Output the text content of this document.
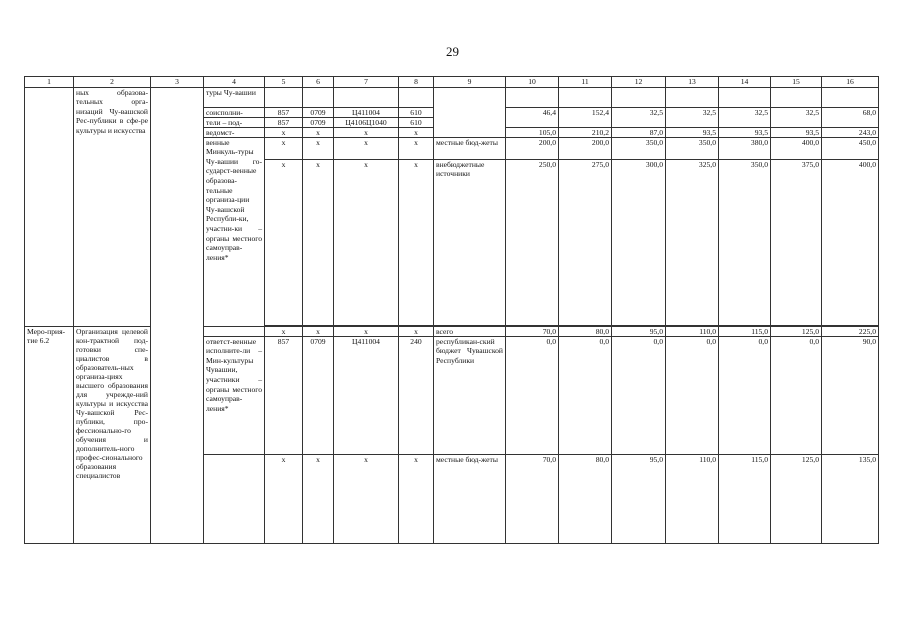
29
1	2	3	4	5	6	7	8	9	10	11	12	13	14	15	16
	ных образова-тельных орга-низаций Чу-вашской Рес-публики в сфе-ре культуры и искусства		туры Чу-вашии												
			соисполни-	857	0709	Ц411004	610		46,4	152,4	32,5	32,5	32,5	32,5	68,0
			тели – под-	857	0709	Ц4106Ц1040	610								
			ведомст-	х	х	х	х		105,0	210,2	87,0	93,5	93,5	93,5	243,0
			венные Минкуль-туры Чу-вашии го-сударст-венные образова-тельные организа-ции Чу-вашской Республи-ки, участни-ки – органы местного самоуправ-ления*	х	х	х	х	местные бюд-жеты	200,0	200,0	350,0	350,0	380,0	400,0	450,0
				х	х	х	х	внебюджетные источники	250,0	275,0	300,0	325,0	350,0	375,0	400,0

Меро-прия-тие 6.2	Организация целевой кон-трактной под-готовки спе-циалистов в образователь-ных организа-циях высшего образования для учрежде-ний культуры и искусства Чу-вашской Рес-публики, про-фессионально-го обучения и дополнитель-ного профес-сионального образования специалистов			х	х	х	х	всего	70,0	80,0	95,0	110,0	115,0	125,0	225,0
			ответст-венные исполните-ли – Мин-культуры Чувашии, участники – органы местного самоуправ-ления*	857	0709	Ц411004	240	республикан-ский бюджет Чувашской Республики	0,0	0,0	0,0	0,0	0,0	0,0	90,0
				х	х	х	х	местные бюд-жеты	70,0	80,0	95,0	110,0	115,0	125,0	135,0
